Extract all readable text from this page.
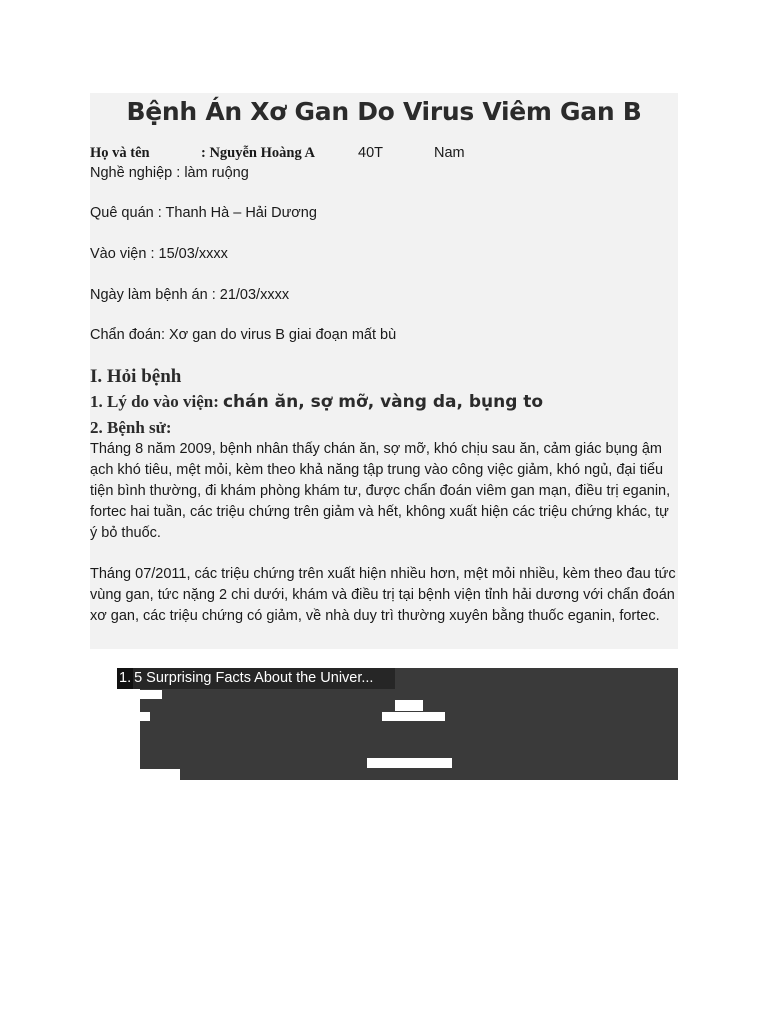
Bệnh Án Xơ Gan Do Virus Viêm Gan B
Họ và tên	: Nguyễn Hoàng A	40T	Nam
Nghề nghiệp : làm ruộng
Quê quán : Thanh Hà – Hải Dương
Vào viện : 15/03/xxxx
Ngày làm bệnh án : 21/03/xxxx
Chẩn đoán: Xơ gan do virus B giai đoạn mất bù
I. Hỏi bệnh
1. Lý do vào viện: chán ăn, sợ mỡ, vàng da, bụng to
2. Bệnh sử:

Tháng 8 năm 2009, bệnh nhân thấy chán ăn, sợ mỡ, khó chịu sau ăn, cảm giác bụng ậm ạch khó tiêu, mệt mỏi, kèm theo khả năng tập trung vào công việc giảm, khó ngủ, đại tiểu tiện bình thường, đi khám phòng khám tư, được chẩn đoán viêm gan mạn, điều trị eganin, fortec hai tuần, các triệu chứng trên giảm và hết, không xuất hiện các triệu chứng khác, tự ý bỏ thuốc.

Tháng 07/2011, các triệu chứng trên xuất hiện nhiều hơn, mệt mỏi nhiều, kèm theo đau tức vùng gan, tức nặng 2 chi dưới, khám và điều trị tại bệnh viện tỉnh hải dương với chẩn đoán xơ gan, các triệu chứng có giảm, về nhà duy trì thường xuyên bằng thuốc eganin, fortec.

1. 5 Surprising Facts About the Univer...
